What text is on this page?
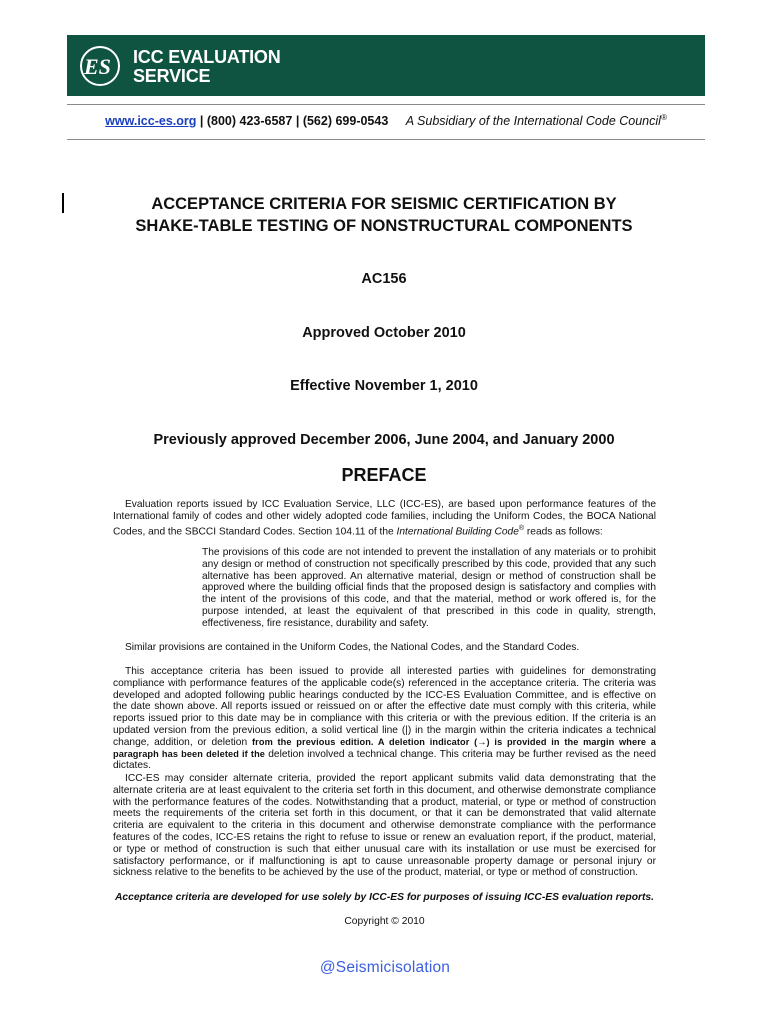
ES ICC EVALUATION
SERVICE
www.icc-es.org | (800) 423-6587 | (562) 699-0543 A Subsidiary of the International Code Council®
ACCEPTANCE CRITERIA FOR SEISMIC CERTIFICATION BY
SHAKE-TABLE TESTING OF NONSTRUCTURAL COMPONENTS
AC156
Approved October 2010
Effective November 1, 2010
Previously approved December 2006, June 2004, and January 2000
PREFACE

Evaluation reports issued by ICC Evaluation Service, LLC (ICC-ES), are based upon performance features of the International family of codes and other widely adopted code families, including the Uniform Codes, the BOCA National Codes, and the SBCCI Standard Codes. Section 104.11 of the International Building Code® reads as follows:

The provisions of this code are not intended to prevent the installation of any materials or to prohibit any design or method of construction not specifically prescribed by this code, provided that any such alternative has been approved. An alternative material, design or method of construction shall be approved where the building official finds that the proposed design is satisfactory and complies with the intent of the provisions of this code, and that the material, method or work offered is, for the purpose intended, at least the equivalent of that prescribed in this code in quality, strength, effectiveness, fire resistance, durability and safety.

Similar provisions are contained in the Uniform Codes, the National Codes, and the Standard Codes.

This acceptance criteria has been issued to provide all interested parties with guidelines for demonstrating compliance with performance features of the applicable code(s) referenced in the acceptance criteria. The criteria was developed and adopted following public hearings conducted by the ICC-ES Evaluation Committee, and is effective on the date shown above. All reports issued or reissued on or after the effective date must comply with this criteria, while reports issued prior to this date may be in compliance with this criteria or with the previous edition. If the criteria is an updated version from the previous edition, a solid vertical line (|) in the margin within the criteria indicates a technical change, addition, or deletion from the previous edition. A deletion indicator (→) is provided in the margin where a paragraph has been deleted if the deletion involved a technical change. This criteria may be further revised as the need dictates.

ICC-ES may consider alternate criteria, provided the report applicant submits valid data demonstrating that the alternate criteria are at least equivalent to the criteria set forth in this document, and otherwise demonstrate compliance with the performance features of the codes. Notwithstanding that a product, material, or type or method of construction meets the requirements of the criteria set forth in this document, or that it can be demonstrated that valid alternate criteria are equivalent to the criteria in this document and otherwise demonstrate compliance with the performance features of the codes, ICC-ES retains the right to refuse to issue or renew an evaluation report, if the product, material, or type or method of construction is such that either unusual care with its installation or use must be exercised for satisfactory performance, or if malfunctioning is apt to cause unreasonable property damage or personal injury or sickness relative to the benefits to be achieved by the use of the product, material, or type or method of construction.

Acceptance criteria are developed for use solely by ICC-ES for purposes of issuing ICC-ES evaluation reports.
Copyright © 2010
@Seismicisolation
